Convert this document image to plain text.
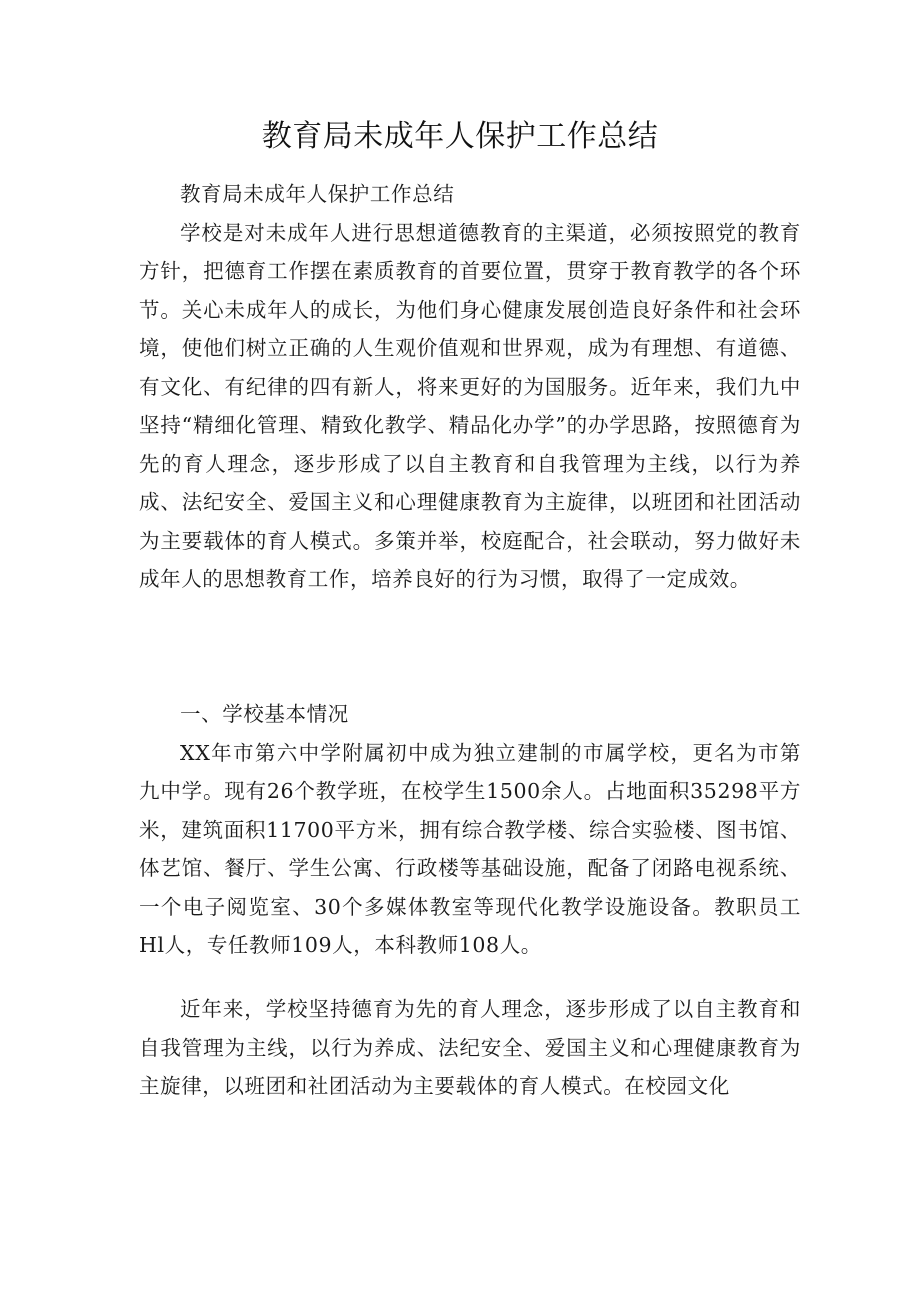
教育局未成年人保护工作总结

教育局未成年人保护工作总结

学校是对未成年人进行思想道德教育的主渠道，必须按照党的教育方针，把德育工作摆在素质教育的首要位置，贯穿于教育教学的各个环节。关心未成年人的成长，为他们身心健康发展创造良好条件和社会环境，使他们树立正确的人生观价值观和世界观，成为有理想、有道德、有文化、有纪律的四有新人，将来更好的为国服务。近年来，我们九中坚持“精细化管理、精致化教学、精品化办学”的办学思路，按照德育为先的育人理念，逐步形成了以自主教育和自我管理为主线，以行为养成、法纪安全、爱国主义和心理健康教育为主旋律，以班团和社团活动为主要载体的育人模式。多策并举，校庭配合，社会联动，努力做好未成年人的思想教育工作，培养良好的行为习惯，取得了一定成效。

一、学校基本情况

XX年市第六中学附属初中成为独立建制的市属学校，更名为市第九中学。现有26个教学班，在校学生1500余人。占地面积35298平方米，建筑面积11700平方米，拥有综合教学楼、综合实验楼、图书馆、体艺馆、餐厅、学生公寓、行政楼等基础设施，配备了闭路电视系统、一个电子阅览室、30个多媒体教室等现代化教学设施设备。教职员工Hl人，专任教师109人，本科教师108人。

近年来，学校坚持德育为先的育人理念，逐步形成了以自主教育和自我管理为主线，以行为养成、法纪安全、爱国主义和心理健康教育为主旋律，以班团和社团活动为主要载体的育人模式。在校园文化
